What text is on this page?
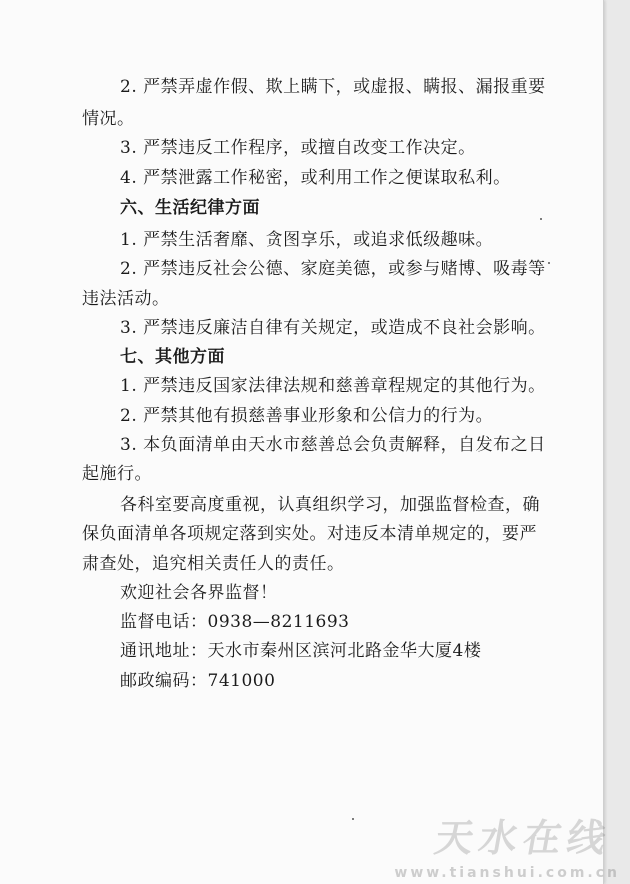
2. 严禁弄虚作假、欺上瞒下，或虚报、瞒报、漏报重要
情况。
3. 严禁违反工作程序，或擅自改变工作决定。
4. 严禁泄露工作秘密，或利用工作之便谋取私利。
六、生活纪律方面
1. 严禁生活奢靡、贪图享乐，或追求低级趣味。
2. 严禁违反社会公德、家庭美德，或参与赌博、吸毒等
违法活动。
3. 严禁违反廉洁自律有关规定，或造成不良社会影响。
七、其他方面
1. 严禁违反国家法律法规和慈善章程规定的其他行为。
2. 严禁其他有损慈善事业形象和公信力的行为。
3. 本负面清单由天水市慈善总会负责解释，自发布之日
起施行。
各科室要高度重视，认真组织学习，加强监督检查，确
保负面清单各项规定落到实处。对违反本清单规定的，要严
肃查处，追究相关责任人的责任。
欢迎社会各界监督！
监督电话：0938—8211693
通讯地址：天水市秦州区滨河北路金华大厦4楼
邮政编码：741000
天水在线
www.tianshui.com.cn
